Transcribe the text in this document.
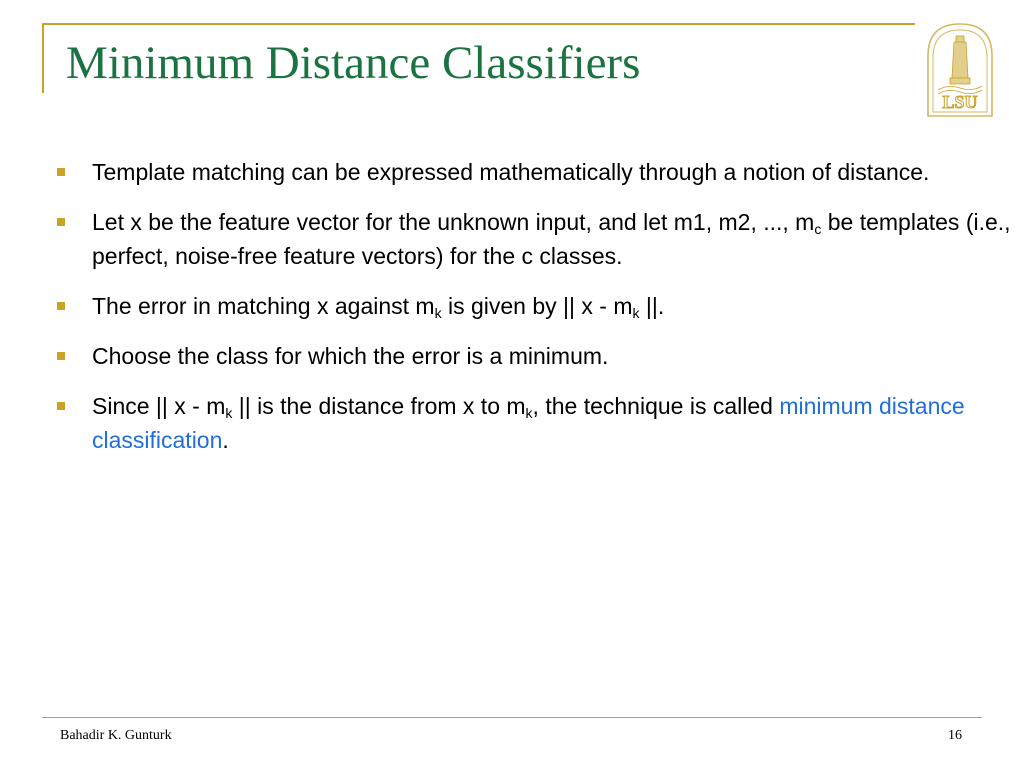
Minimum Distance Classifiers
LSU
Template matching can be expressed mathematically through a notion of distance.
Let x be the feature vector for the unknown input, and let m1, m2, ..., $m_c$ be templates (i.e., perfect, noise-free feature vectors) for the c classes.
The error in matching x against $m_k$ is given by || x - $m_k$ ||.
Choose the class for which the error is a minimum.
Since || x - $m_k$ || is the distance from x to $m_k$, the technique is called minimum distance classification.
Bahadir K. Gunturk	16
